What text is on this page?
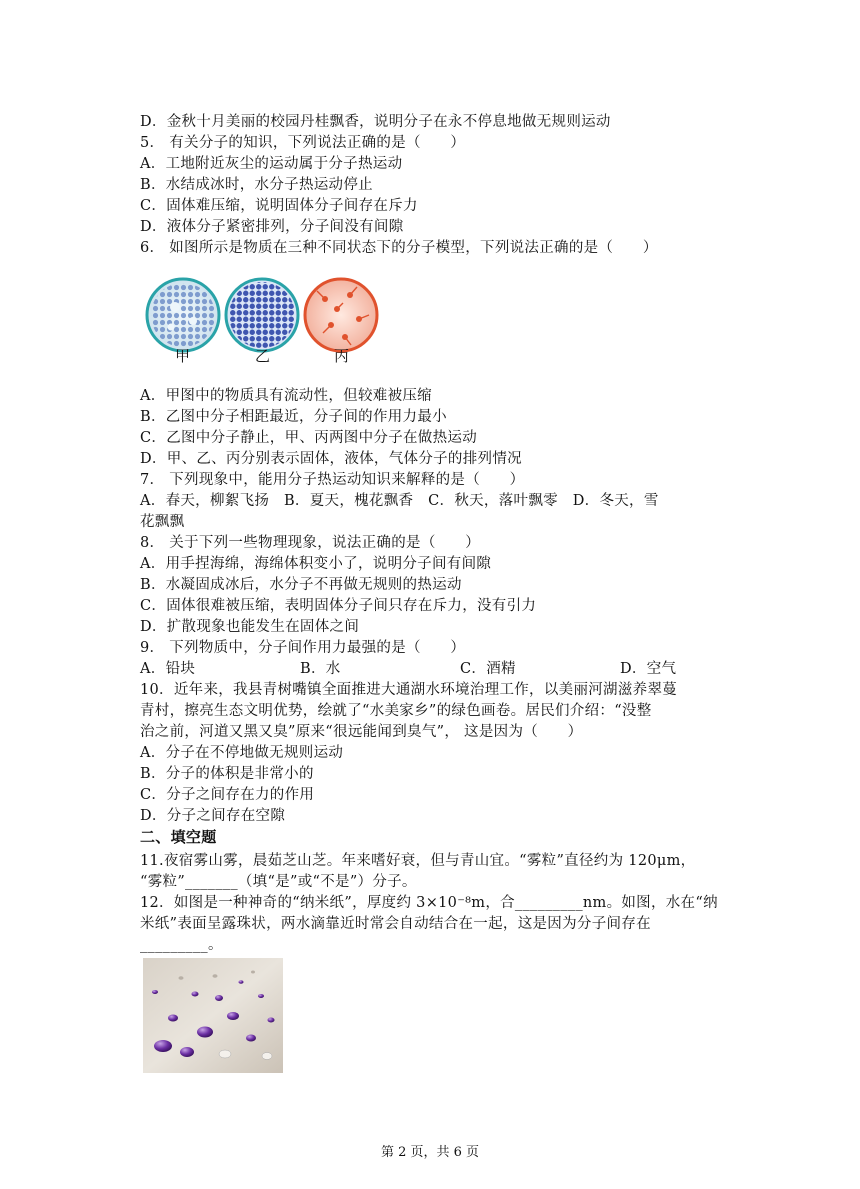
D．金秋十月美丽的校园丹桂飘香，说明分子在永不停息地做无规则运动
5． 有关分子的知识，下列说法正确的是（　　）
A．工地附近灰尘的运动属于分子热运动
B．水结成冰时，水分子热运动停止
C．固体难压缩，说明固体分子间存在斥力
D．液体分子紧密排列，分子间没有间隙
6． 如图所示是物质在三种不同状态下的分子模型，下列说法正确的是（　　）
甲	乙	丙
A．甲图中的物质具有流动性，但较难被压缩
B．乙图中分子相距最近，分子间的作用力最小
C．乙图中分子静止，甲、丙两图中分子在做热运动
D．甲、乙、丙分别表示固体，液体，气体分子的排列情况
7． 下列现象中，能用分子热运动知识来解释的是（　　）
A．春天，柳絮飞扬　B．夏天，槐花飘香　C．秋天，落叶飘零　D．冬天，雪
花飘飘
8． 关于下列一些物理现象，说法正确的是（　　）
A．用手捏海绵，海绵体积变小了，说明分子间有间隙
B．水凝固成冰后，水分子不再做无规则的热运动
C．固体很难被压缩，表明固体分子间只存在斥力，没有引力
D．扩散现象也能发生在固体之间
9． 下列物质中，分子间作用力最强的是（　　）
A．铅块	B．水	C．酒精	D．空气
10．近年来，我县青树嘴镇全面推进大通湖水环境治理工作，以美丽河湖滋养翠蔓
青村，擦亮生态文明优势，绘就了“水美家乡”的绿色画卷。居民们介绍：“没整
治之前，河道又黑又臭”原来“很远能闻到臭气”， 这是因为（　　）
A．分子在不停地做无规则运动
B．分子的体积是非常小的
C．分子之间存在力的作用
D．分子之间存在空隙
二、填空题
11.夜宿雾山雾，晨茹芝山芝。年来嗜好衰，但与青山宜。“雾粒”直径约为 120μm，
“雾粒”_______（填“是”或“不是”）分子。
12．如图是一种神奇的“纳米纸”，厚度约 3×10⁻⁸m，合_________nm。如图，水在“纳
米纸”表面呈露珠状，两水滴靠近时常会自动结合在一起，这是因为分子间存在
_________。
第 2 页，共 6 页
